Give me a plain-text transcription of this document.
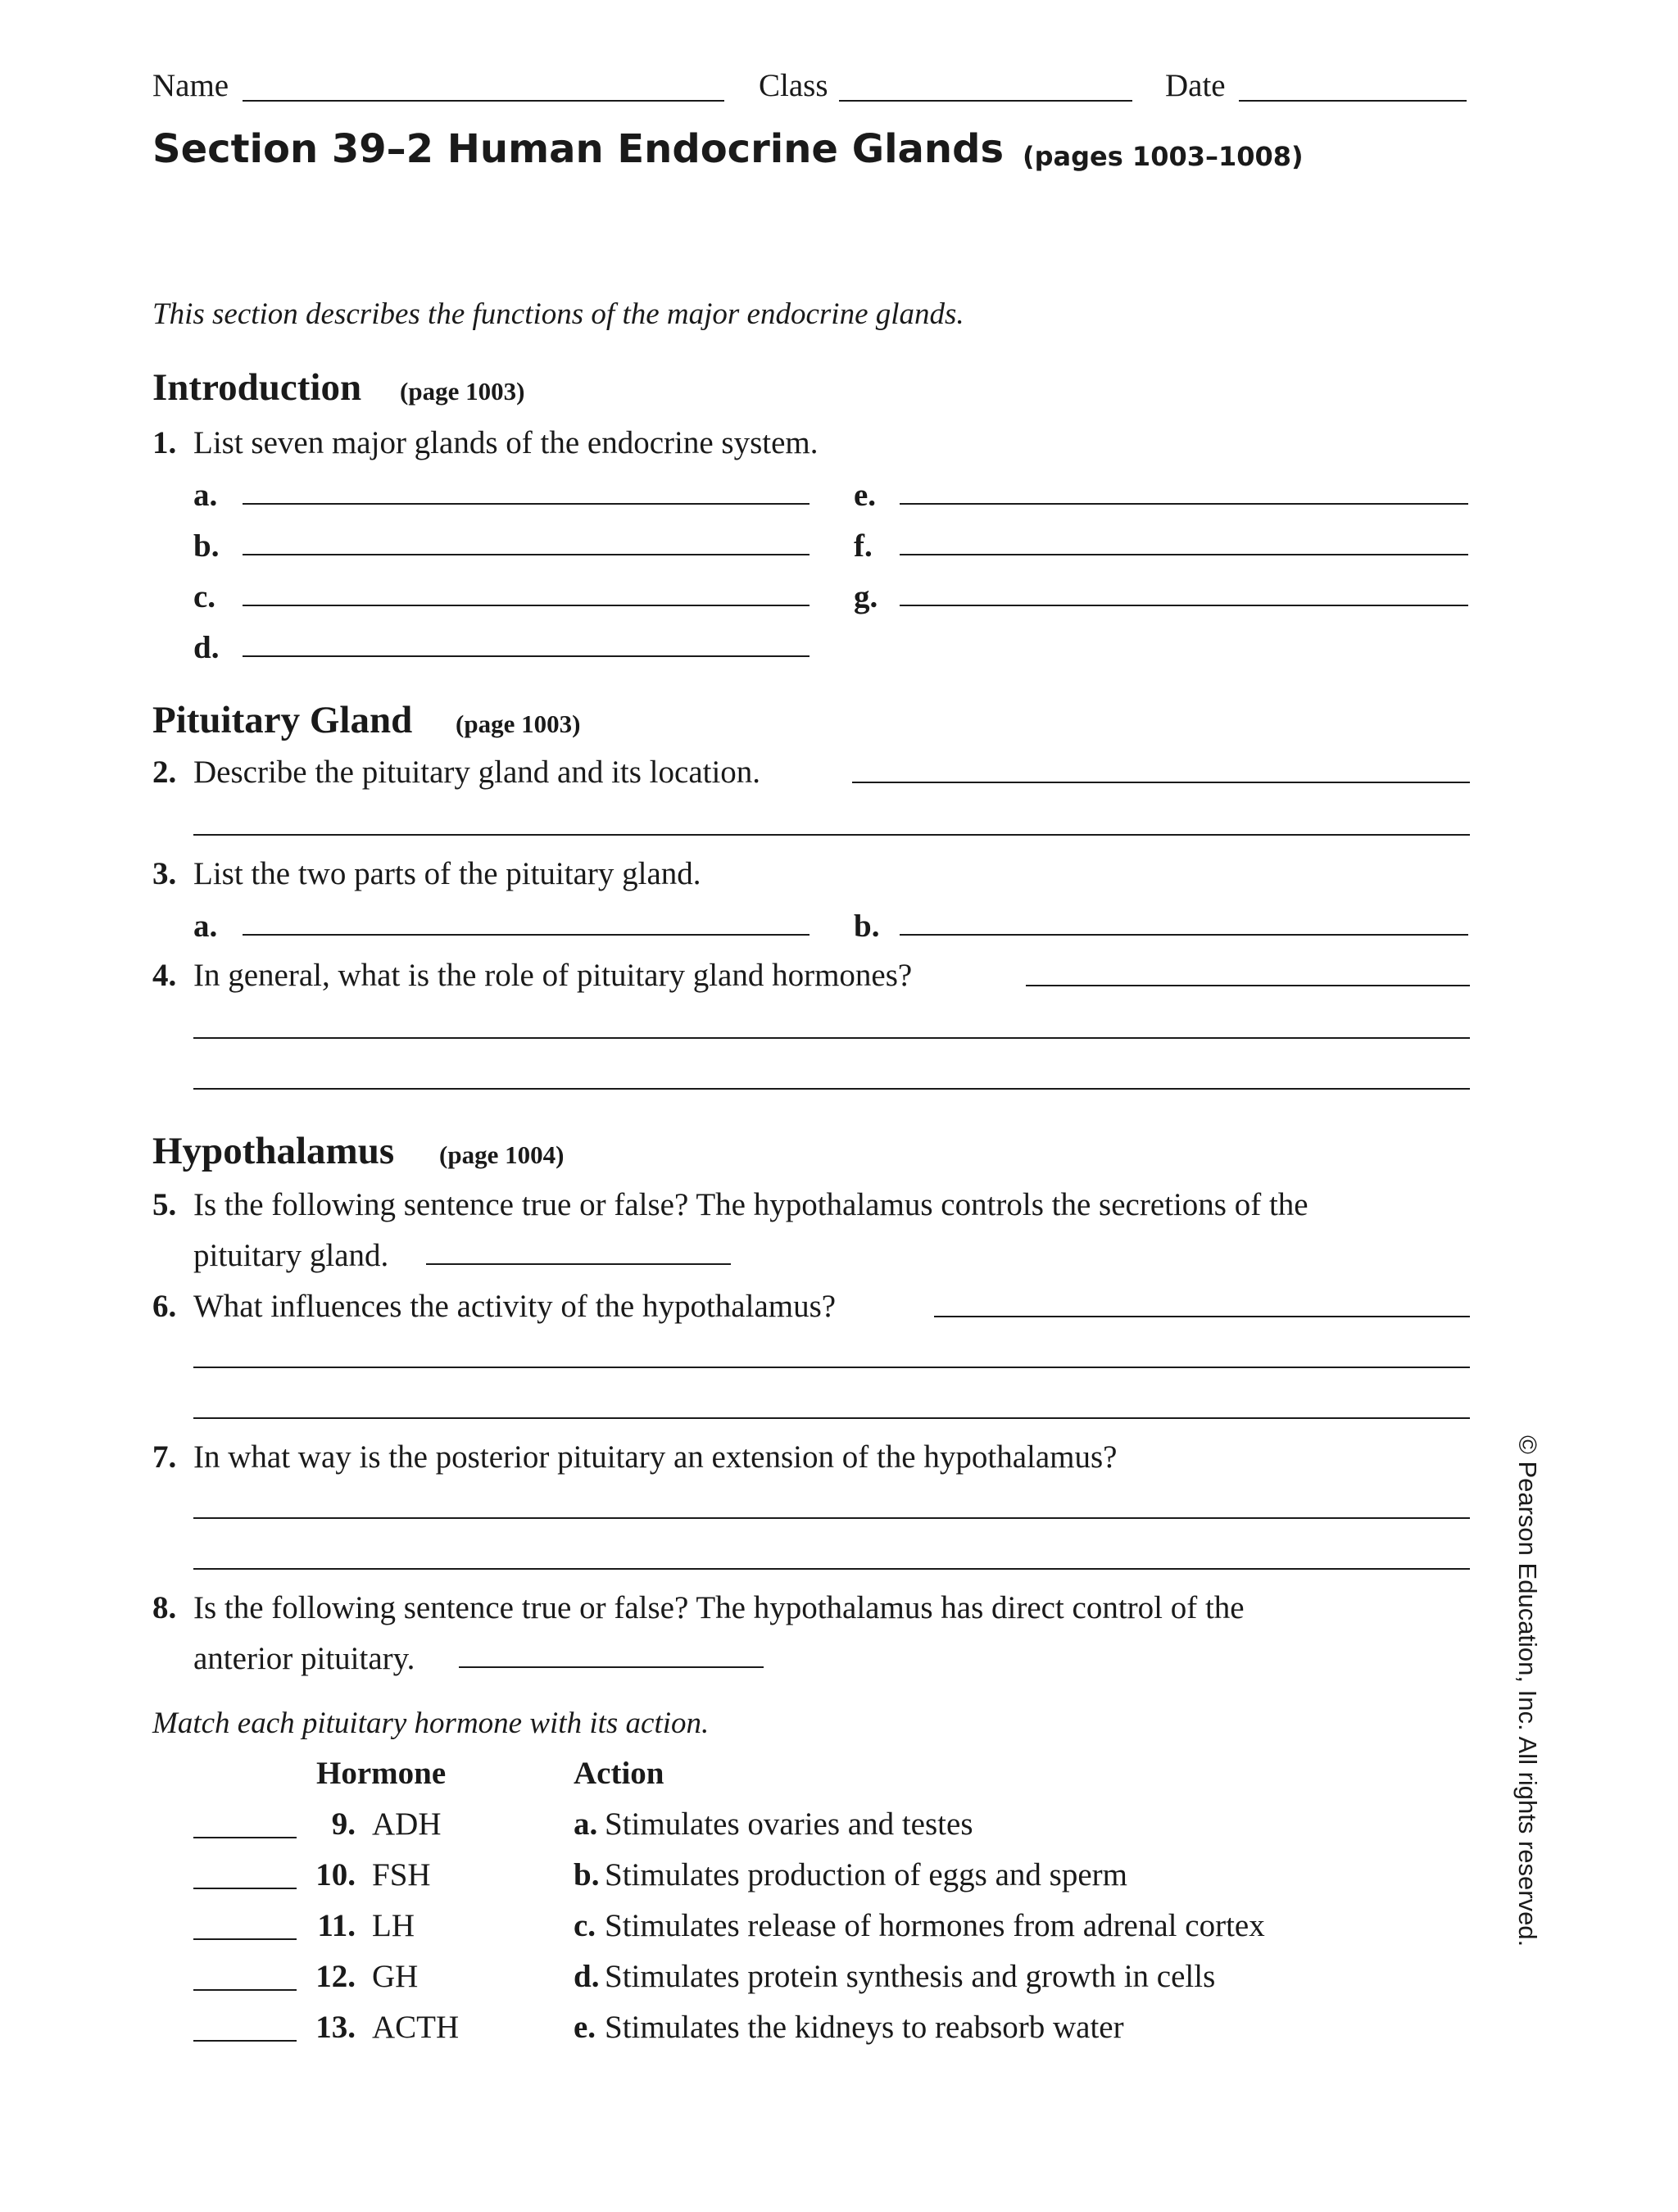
Name	Class	Date
Section 39–2 Human Endocrine Glands (pages 1003–1008)
This section describes the functions of the major endocrine glands.
Introduction (page 1003)
1. List seven major glands of the endocrine system.
a.
b.
c.
d.
e.
f.
g.
Pituitary Gland (page 1003)
2. Describe the pituitary gland and its location.
3. List the two parts of the pituitary gland.
a.	b.
4. In general, what is the role of pituitary gland hormones?
Hypothalamus (page 1004)
5. Is the following sentence true or false? The hypothalamus controls the secretions of the
pituitary gland.
6. What influences the activity of the hypothalamus?
7. In what way is the posterior pituitary an extension of the hypothalamus?
8. Is the following sentence true or false? The hypothalamus has direct control of the
anterior pituitary.
Match each pituitary hormone with its action.
Hormone	Action
9. ADH	a. Stimulates ovaries and testes
10. FSH	b. Stimulates production of eggs and sperm
11. LH	c. Stimulates release of hormones from adrenal cortex
12. GH	d. Stimulates protein synthesis and growth in cells
13. ACTH	e. Stimulates the kidneys to reabsorb water
© Pearson Education, Inc. All rights reserved.
